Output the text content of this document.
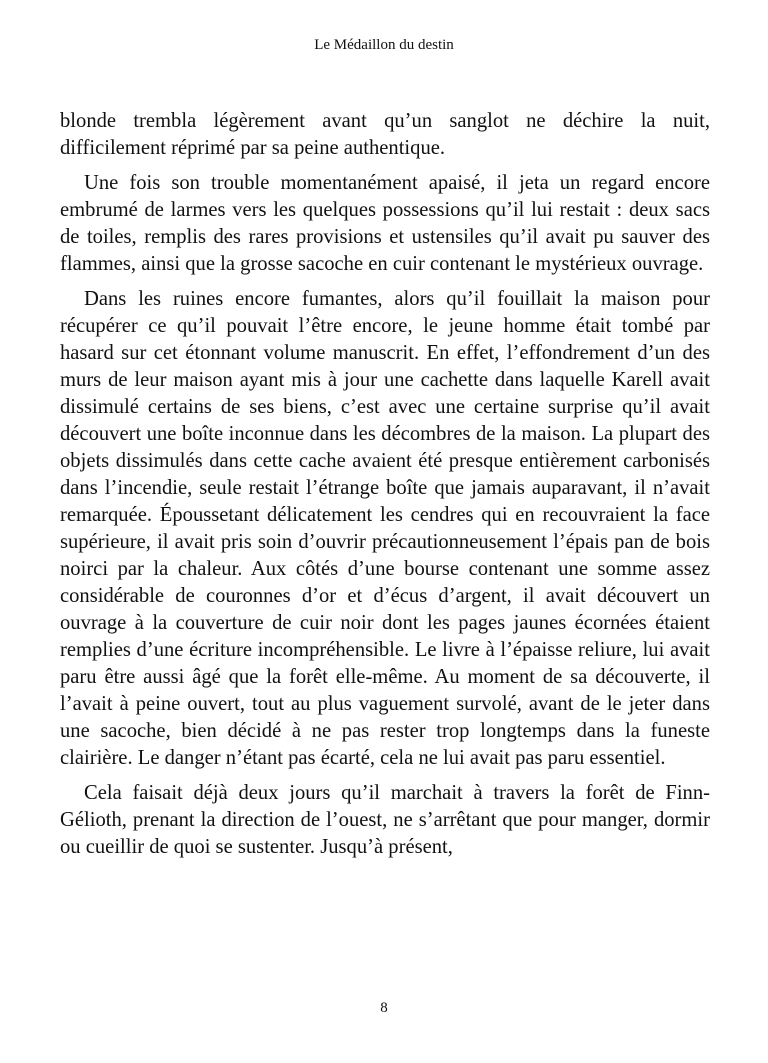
Le Médaillon du destin

blonde trembla légèrement avant qu’un sanglot ne déchire la nuit, difficilement réprimé par sa peine authentique.

Une fois son trouble momentanément apaisé, il jeta un regard encore embrumé de larmes vers les quelques possessions qu’il lui restait : deux sacs de toiles, remplis des rares provisions et ustensiles qu’il avait pu sauver des flammes, ainsi que la grosse sacoche en cuir contenant le mystérieux ouvrage.

Dans les ruines encore fumantes, alors qu’il fouillait la maison pour récupérer ce qu’il pouvait l’être encore, le jeune homme était tombé par hasard sur cet étonnant volume manuscrit. En effet, l’effondrement d’un des murs de leur maison ayant mis à jour une cachette dans laquelle Karell avait dissimulé certains de ses biens, c’est avec une certaine surprise qu’il avait découvert une boîte inconnue dans les décombres de la maison. La plupart des objets dissimulés dans cette cache avaient été presque entièrement carbonisés dans l’incendie, seule restait l’étrange boîte que jamais auparavant, il n’avait remarquée. Époussetant délicatement les cendres qui en recouvraient la face supérieure, il avait pris soin d’ouvrir précautionneusement l’épais pan de bois noirci par la chaleur. Aux côtés d’une bourse contenant une somme assez considérable de couronnes d’or et d’écus d’argent, il avait découvert un ouvrage à la couverture de cuir noir dont les pages jaunes écornées étaient remplies d’une écriture incompréhensible. Le livre à l’épaisse reliure, lui avait paru être aussi âgé que la forêt elle-même. Au moment de sa découverte, il l’avait à peine ouvert, tout au plus vaguement survolé, avant de le jeter dans une sacoche, bien décidé à ne pas rester trop longtemps dans la funeste clairière. Le danger n’étant pas écarté, cela ne lui avait pas paru essentiel.

Cela faisait déjà deux jours qu’il marchait à travers la forêt de Finn-Gélioth, prenant la direction de l’ouest, ne s’arrêtant que pour manger, dormir ou cueillir de quoi se sustenter. Jusqu’à présent,

8
